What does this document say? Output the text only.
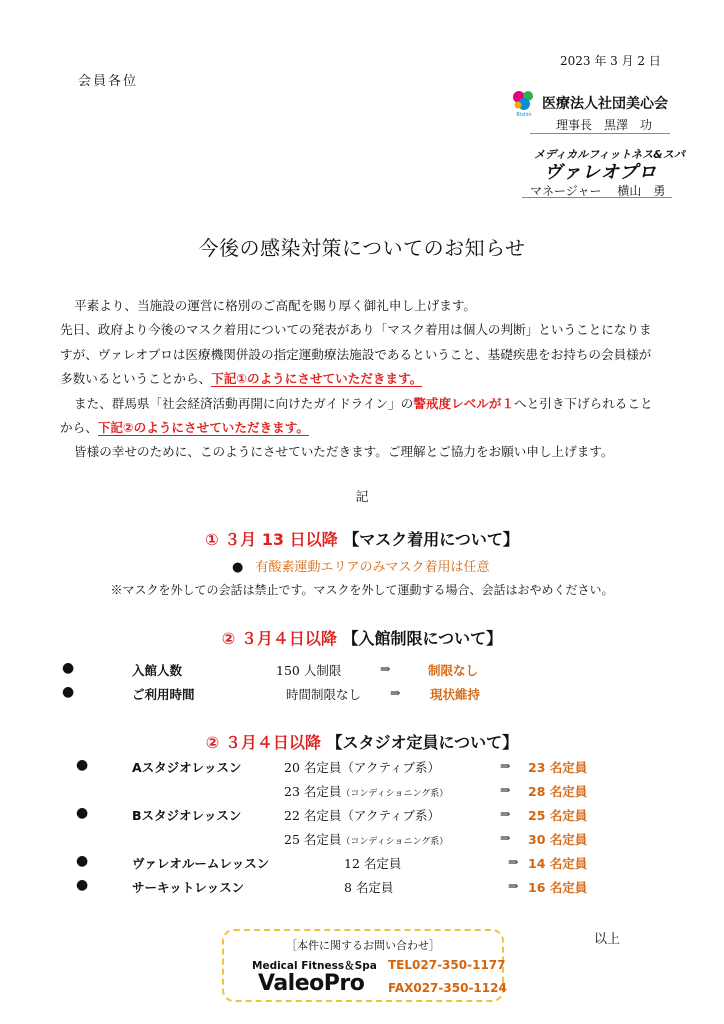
2023 年 3 月 2 日
会員各位
Bishin
医療法人社団美心会
理事長　黒澤　功
メディカルフィットネス&スパ
ヴァレオプロ
マネージャー　 横山　勇
今後の感染対策についてのお知らせ
平素より、当施設の運営に格別のご高配を賜り厚く御礼申し上げます。
先日、政府より今後のマスク着用についての発表があり「マスク着用は個人の判断」ということになりま
すが、ヴァレオプロは医療機関併設の指定運動療法施設であるということ、基礎疾患をお持ちの会員様が
多数いるということから、下記①のようにさせていただきます。
また、群馬県「社会経済活動再開に向けたガイドライン」の警戒度レベルが１へと引き下げられること
から、下記②のようにさせていただきます。
皆様の幸せのために、このようにさせていただきます。ご理解とご協力をお願い申し上げます。
記
① ３月 13 日以降 【マスク着用について】
● 有酸素運動エリアのみマスク着用は任意
※マスクを外しての会話は禁止です。マスクを外して運動する場合、会話はおやめください。
② ３月４日以降 【入館制限について】
●	入館人数	150 人制限	⇒	制限なし
●	ご利用時間	時間制限なし ⇒ 現状維持
② ３月４日以降 【スタジオ定員について】
●	Aスタジオレッスン	20 名定員（アクティブ系）	⇒ 23 名定員
23 名定員（コンディショニング系）	⇒ 28 名定員
●	Bスタジオレッスン	22 名定員（アクティブ系）	⇒ 25 名定員
25 名定員（コンディショニング系）	⇒ 30 名定員
●	ヴァレオルームレッスン	12 名定員	⇒ 14 名定員
●	サーキットレッスン	8 名定員	⇒ 16 名定員
以上
［本件に関するお問い合わせ］
Medical Fitness＆Spa
ValeoPro
TEL027-350-1177
FAX027-350-1124
